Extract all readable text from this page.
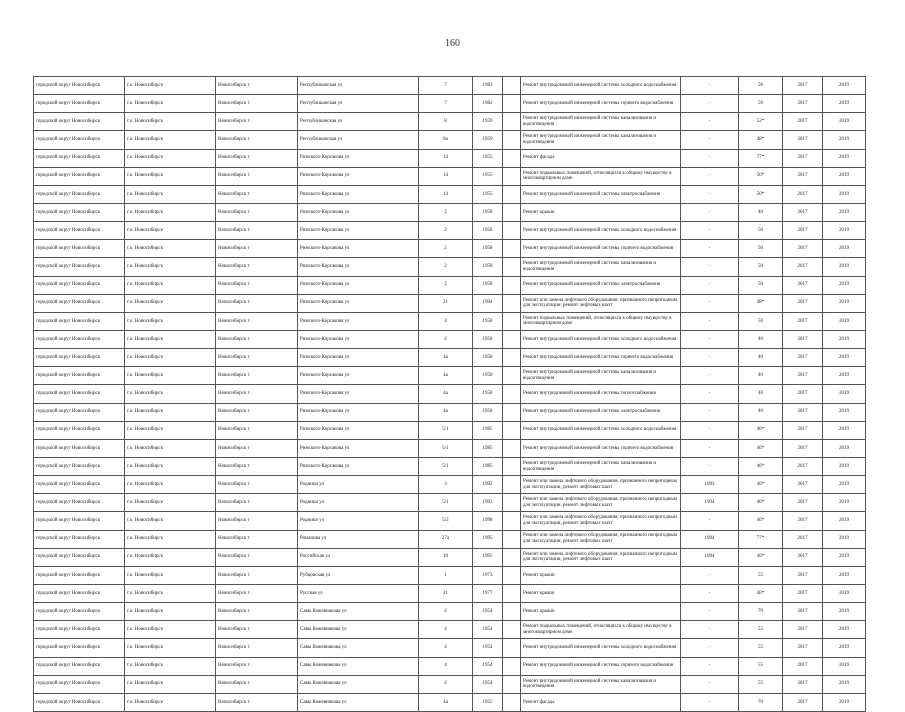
160
городской округ Новосибирск	г.о. Новосибирск	Новосибирск г	Республиканская ул	7	1982		Ремонт внутридомовой инженерной системы холодного водоснабжения	-	56	2017	2019
городской округ Новосибирск	г.о. Новосибирск	Новосибирск г	Республиканская ул	7	1982		Ремонт внутридомовой инженерной системы горячего водоснабжения	-	56	2017	2019
городской округ Новосибирск	г.о. Новосибирск	Новосибирск г	Республиканская ул	8	1959		Ремонт внутридомовой инженерной системы канализования и водоотведения	-	52*	2017	2019
городской округ Новосибирск	г.о. Новосибирск	Новосибирск г	Республиканская ул	8а	1959		Ремонт внутридомовой инженерной системы канализования и водоотведения	-	48*	2017	2019
городской округ Новосибирск	г.о. Новосибирск	Новосибирск г	Римского-Корсакова ул	14	1955		Ремонт фасада	-	77*	2017	2019
городской округ Новосибирск	г.о. Новосибирск	Новосибирск г	Римского-Корсакова ул	14	1955		Ремонт подвальных помещений, относящихся к общему имуществу в многоквартирном доме	-	50*	2017	2019
городской округ Новосибирск	г.о. Новосибирск	Новосибирск г	Римского-Корсакова ул	14	1955		Ремонт внутридомовой инженерной системы электроснабжения	-	50*	2017	2019
городской округ Новосибирск	г.о. Новосибирск	Новосибирск г	Римского-Корсакова ул	2	1958		Ремонт крыши	-	40	2017	2019
городской округ Новосибирск	г.о. Новосибирск	Новосибирск г	Римского-Корсакова ул	2	1958		Ремонт внутридомовой инженерной системы холодного водоснабжения	-	50	2017	2019
городской округ Новосибирск	г.о. Новосибирск	Новосибирск г	Римского-Корсакова ул	2	1958		Ремонт внутридомовой инженерной системы горячего водоснабжения	-	50	2017	2019
городской округ Новосибирск	г.о. Новосибирск	Новосибирск г	Римского-Корсакова ул	2	1958		Ремонт внутридомовой инженерной системы канализования и водоотведения	-	50	2017	2019
городской округ Новосибирск	г.о. Новосибирск	Новосибирск г	Римского-Корсакова ул	2	1958		Ремонт внутридомовой инженерной системы электроснабжения	-	50	2017	2019
городской округ Новосибирск	г.о. Новосибирск	Новосибирск г	Римского-Корсакова ул	21	1994		Ремонт или замена лифтового оборудования, признанного непригодным для эксплуатации, ремонт лифтовых шахт	-	48*	2017	2019
городской округ Новосибирск	г.о. Новосибирск	Новосибирск г	Римского-Корсакова ул	4	1958		Ремонт подвальных помещений, относящихся к общему имуществу в многоквартирном доме	-	50	2017	2019
городской округ Новосибирск	г.о. Новосибирск	Новосибирск г	Римского-Корсакова ул	4	1958		Ремонт внутридомовой инженерной системы холодного водоснабжения	-	40	2017	2019
городской округ Новосибирск	г.о. Новосибирск	Новосибирск г	Римского-Корсакова ул	4а	1958		Ремонт внутридомовой инженерной системы горячего водоснабжения	-	40	2017	2019
городской округ Новосибирск	г.о. Новосибирск	Новосибирск г	Римского-Корсакова ул	4а	1958		Ремонт внутридомовой инженерной системы канализования и водоотведения	-	40	2017	2019
городской округ Новосибирск	г.о. Новосибирск	Новосибирск г	Римского-Корсакова ул	4а	1958		Ремонт внутридомовой инженерной системы теплоснабжения	-	40	2017	2019
городской округ Новосибирск	г.о. Новосибирск	Новосибирск г	Римского-Корсакова ул	4а	1958		Ремонт внутридомовой инженерной системы электроснабжения	-	40	2017	2019
городской округ Новосибирск	г.о. Новосибирск	Новосибирск г	Римского-Корсакова ул	5/1	1985		Ремонт внутридомовой инженерной системы холодного водоснабжения	-	46*	2017	2019
городской округ Новосибирск	г.о. Новосибирск	Новосибирск г	Римского-Корсакова ул	5/1	1985		Ремонт внутридомовой инженерной системы горячего водоснабжения	-	46*	2017	2019
городской округ Новосибирск	г.о. Новосибирск	Новосибирск г	Римского-Корсакова ул	5/1	1985		Ремонт внутридомовой инженерной системы канализования и водоотведения	-	46*	2017	2019
городской округ Новосибирск	г.о. Новосибирск	Новосибирск г	Родники ул	3	1992		Ремонт или замена лифтового оборудования, признанного непригодным для эксплуатации, ремонт лифтовых шахт	1993	46*	2017	2019
городской округ Новосибирск	г.о. Новосибирск	Новосибирск г	Родники ул	5/1	1993		Ремонт или замена лифтового оборудования, признанного непригодным для эксплуатации, ремонт лифтовых шахт	1994	46*	2017	2019
городской округ Новосибирск	г.о. Новосибирск	Новосибирск г	Родники ул	5/2	1998		Ремонт или замена лифтового оборудования, признанного непригодным для эксплуатации, ремонт лифтовых шахт	-	46*	2017	2019
городской округ Новосибирск	г.о. Новосибирск	Новосибирск г	Романова ул	27а	1995		Ремонт или замена лифтового оборудования, признанного непригодным для эксплуатации, ремонт лифтовых шахт	1994	77*	2017	2019
городской округ Новосибирск	г.о. Новосибирск	Новосибирск г	Российская ул	10	1995		Ремонт или замена лифтового оборудования, признанного непригодным для эксплуатации, ремонт лифтовых шахт	1994	46*	2017	2019
городской округ Новосибирск	г.о. Новосибирск	Новосибирск г	Рубцовская ул	1	1973		Ремонт крыши	-	55	2017	2019
городской округ Новосибирск	г.о. Новосибирск	Новосибирск г	Русская ул	21	1977		Ремонт крыши	-	40*	2017	2019
городской округ Новосибирск	г.о. Новосибирск	Новосибирск г	Савы Кожевникова ул	4	1954		Ремонт крыши	-	70	2017	2019
городской округ Новосибирск	г.о. Новосибирск	Новосибирск г	Савы Кожевникова ул	4	1954		Ремонт подвальных помещений, относящихся к общему имуществу в многоквартирном доме	-	55	2017	2019
городской округ Новосибирск	г.о. Новосибирск	Новосибирск г	Савы Кожевникова ул	4	1954		Ремонт внутридомовой инженерной системы холодного водоснабжения	-	55	2017	2019
городской округ Новосибирск	г.о. Новосибирск	Новосибирск г	Савы Кожевникова ул	4	1954		Ремонт внутридомовой инженерной системы горячего водоснабжения	-	55	2017	2019
городской округ Новосибирск	г.о. Новосибирск	Новосибирск г	Савы Кожевникова ул	4	1954		Ремонт внутридомовой инженерной системы канализования и водоотведения	-	55	2017	2019
городской округ Новосибирск	г.о. Новосибирск	Новосибирск г	Савы Кожевникова ул	4а	1955		Ремонт фасада	-	70	2017	2019
